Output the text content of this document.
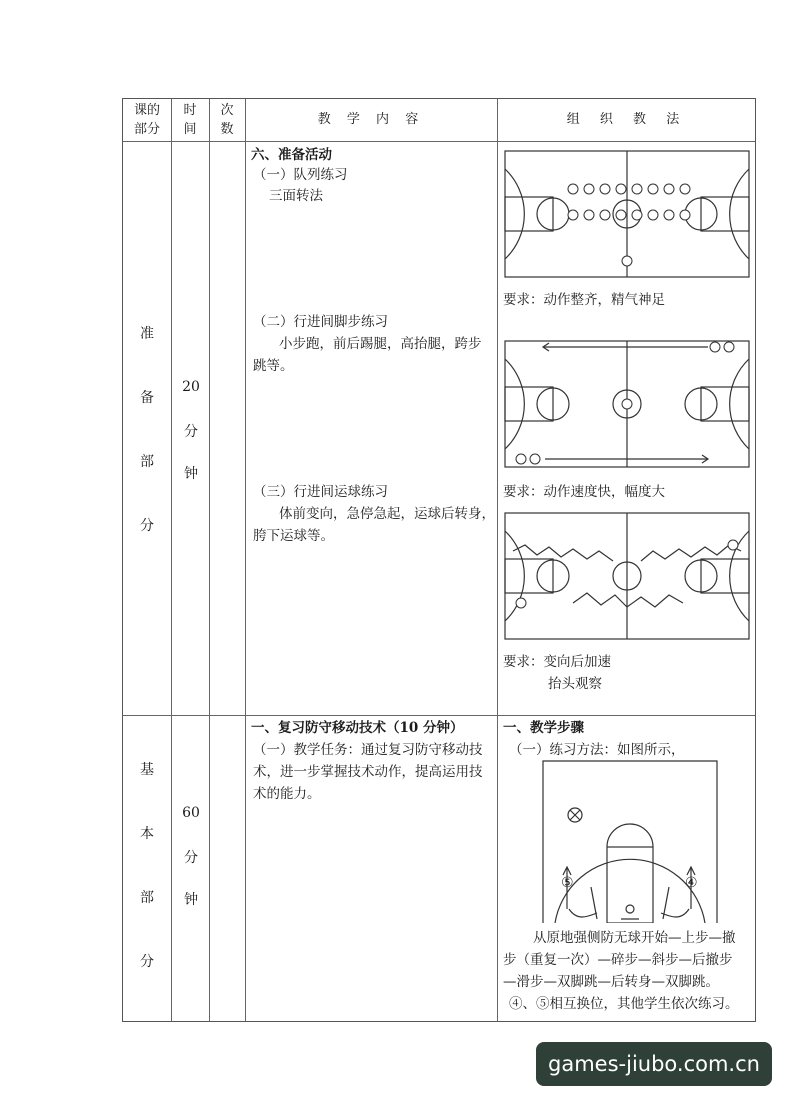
课的部分
时间
次数
教 学 内 容	组 织 教 法
准
备
部
分
20
分
钟
六、准备活动
（一）队列练习
三面转法
（二）行进间脚步练习
小步跑，前后踢腿，高抬腿，跨步
跳等。
（三）行进间运球练习
体前变向，急停急起，运球后转身，
胯下运球等。
要求：动作整齐，精气神足
要求：动作速度快，幅度大
要求：变向后加速
抬头观察
基
本
部
分
60
分
钟
一、复习防守移动技术（10 分钟）
（一）教学任务：通过复习防守移动技
术，进一步掌握技术动作，提高运用技
术的能力。
一、教学步骤
（一）练习方法：如图所示，
⑤	④
从原地强侧防无球开始—上步—撤
步（重复一次）—碎步—斜步—后撤步
—滑步—双脚跳—后转身—双脚跳。
④、⑤相互换位，其他学生依次练习。
games-jiubo.com.cn
